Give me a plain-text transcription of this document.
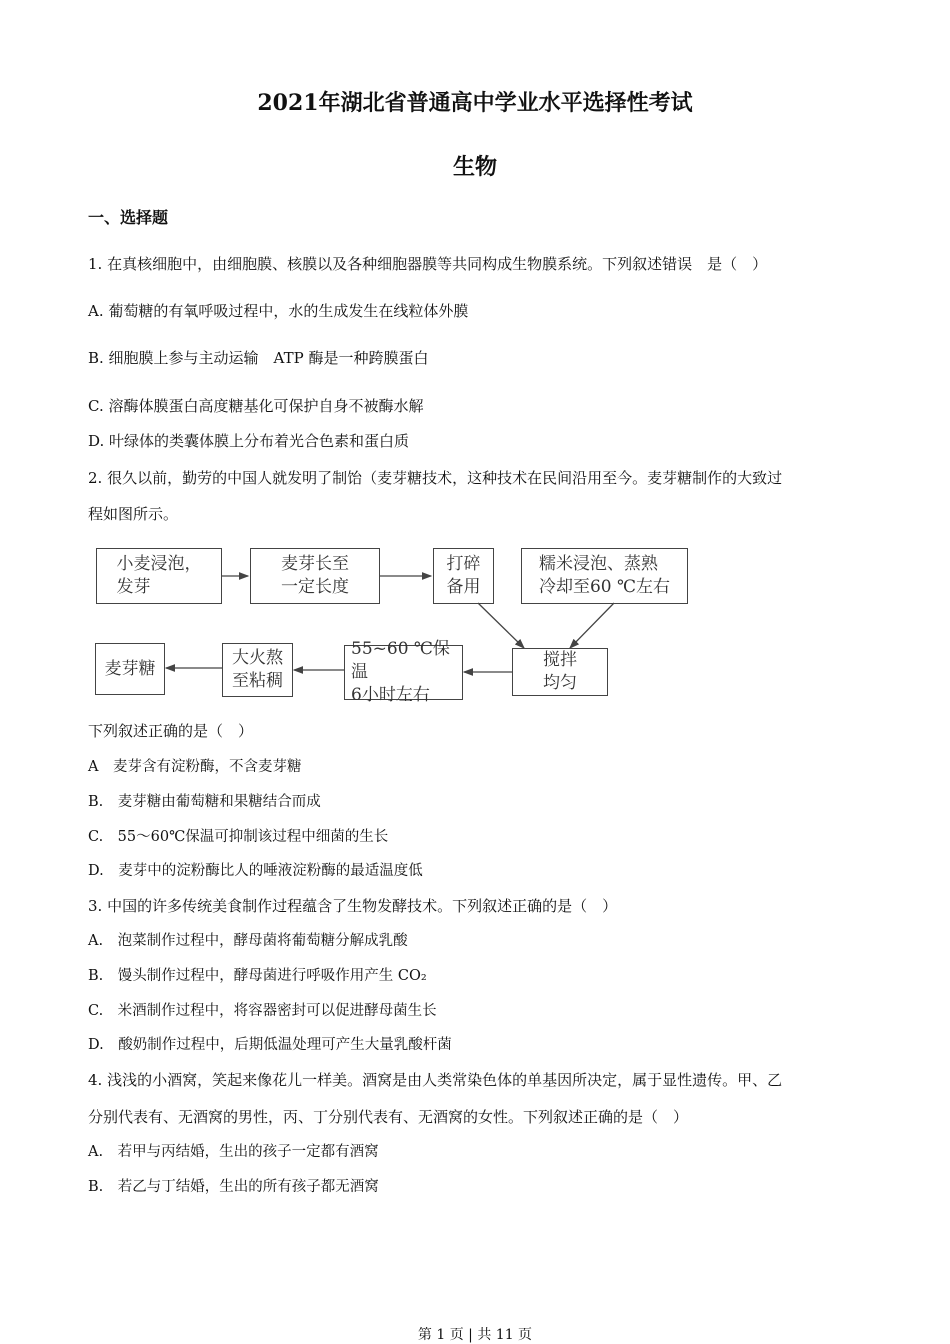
2021年湖北省普通高中学业水平选择性考试
生物
一、选择题
1. 在真核细胞中，由细胞膜、核膜以及各种细胞器膜等共同构成生物膜系统。下列叙述错误　是（　）
A. 葡萄糖的有氧呼吸过程中，水的生成发生在线粒体外膜
B. 细胞膜上参与主动运输　ATP 酶是一种跨膜蛋白
C. 溶酶体膜蛋白高度糖基化可保护自身不被酶水解
D. 叶绿体的类囊体膜上分布着光合色素和蛋白质
2. 很久以前，勤劳的中国人就发明了制饴（麦芽糖技术，这种技术在民间沿用至今。麦芽糖制作的大致过
程如图所示。
小麦浸泡，
发芽
麦芽长至
一定长度
打碎
备用
糯米浸泡、蒸熟
冷却至60 ℃左右
麦芽糖
大火熬
至粘稠
55~60 ℃保温
6小时左右
搅拌
均匀
下列叙述正确的是（　）
A　麦芽含有淀粉酶，不含麦芽糖
B.　麦芽糖由葡萄糖和果糖结合而成
C.　55～60℃保温可抑制该过程中细菌的生长
D.　麦芽中的淀粉酶比人的唾液淀粉酶的最适温度低
3. 中国的许多传统美食制作过程蕴含了生物发酵技术。下列叙述正确的是（　）
A.　泡菜制作过程中，酵母菌将葡萄糖分解成乳酸
B.　馒头制作过程中，酵母菌进行呼吸作用产生 CO₂
C.　米酒制作过程中，将容器密封可以促进酵母菌生长
D.　酸奶制作过程中，后期低温处理可产生大量乳酸杆菌
4. 浅浅的小酒窝，笑起来像花儿一样美。酒窝是由人类常染色体的单基因所决定，属于显性遗传。甲、乙
分别代表有、无酒窝的男性，丙、丁分别代表有、无酒窝的女性。下列叙述正确的是（　）
A.　若甲与丙结婚，生出的孩子一定都有酒窝
B.　若乙与丁结婚，生出的所有孩子都无酒窝
第 1 页 | 共 11 页
